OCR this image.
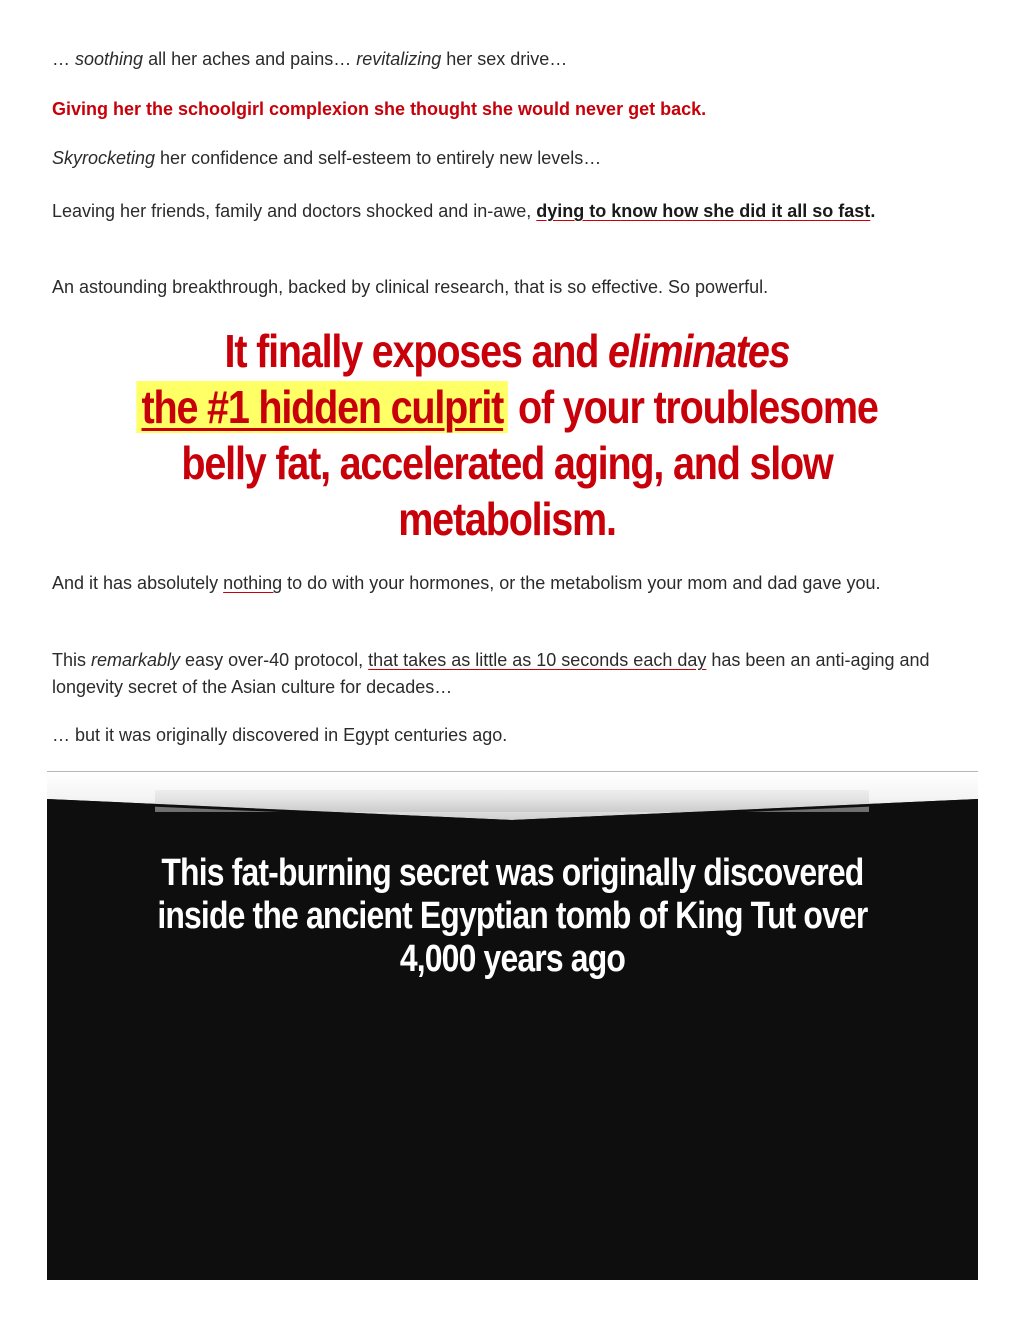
… soothing all her aches and pains… revitalizing her sex drive…

Giving her the schoolgirl complexion she thought she would never get back.

Skyrocketing her confidence and self-esteem to entirely new levels…

Leaving her friends, family and doctors shocked and in-awe, dying to know how she did it all so fast.

An astounding breakthrough, backed by clinical research, that is so effective. So powerful.

It finally exposes and eliminates
the #1 hidden culprit of your troublesome belly fat, accelerated aging, and slow metabolism.

And it has absolutely nothing to do with your hormones, or the metabolism your mom and dad gave you.

This remarkably easy over-40 protocol, that takes as little as 10 seconds each day has been an anti-aging and longevity secret of the Asian culture for decades…

… but it was originally discovered in Egypt centuries ago.

This fat-burning secret was originally discovered inside the ancient Egyptian tomb of King Tut over 4,000 years ago
